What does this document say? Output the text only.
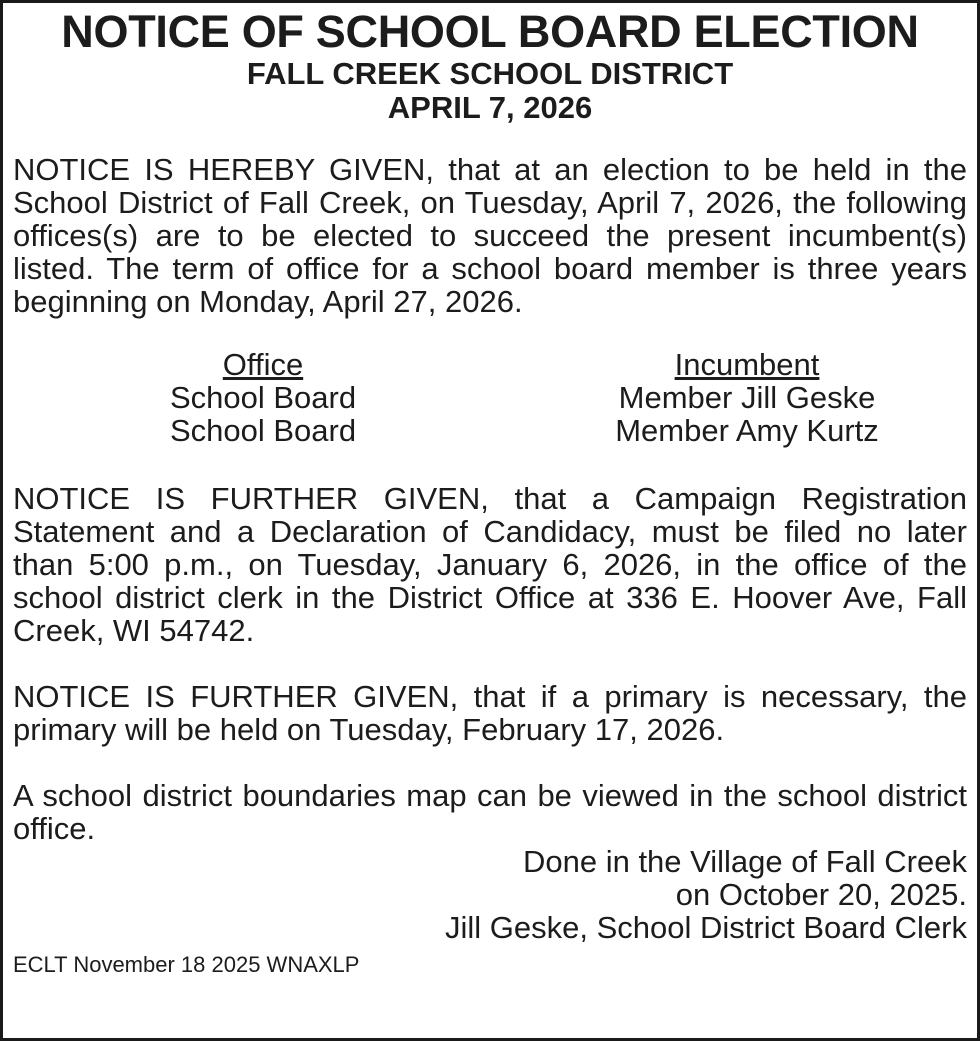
NOTICE OF SCHOOL BOARD ELECTION
FALL CREEK SCHOOL DISTRICT
APRIL 7, 2026

NOTICE IS HEREBY GIVEN, that at an election to be held in the School District of Fall Creek, on Tuesday, April 7, 2026, the following offices(s) are to be elected to succeed the present incumbent(s) listed. The term of office for a school board member is three years beginning on Monday, April 27, 2026.

Office
School Board
School Board
Incumbent
Member Jill Geske
Member Amy Kurtz

NOTICE IS FURTHER GIVEN, that a Campaign Registration Statement and a Declaration of Candidacy, must be filed no later than 5:00 p.m., on Tuesday, January 6, 2026, in the office of the school district clerk in the District Office at 336 E. Hoover Ave, Fall Creek, WI 54742.

NOTICE IS FURTHER GIVEN, that if a primary is necessary, the primary will be held on Tuesday, February 17, 2026.

A school district boundaries map can be viewed in the school district office.

Done in the Village of Fall Creek
on October 20, 2025.
Jill Geske, School District Board Clerk
ECLT November 18 2025 WNAXLP
